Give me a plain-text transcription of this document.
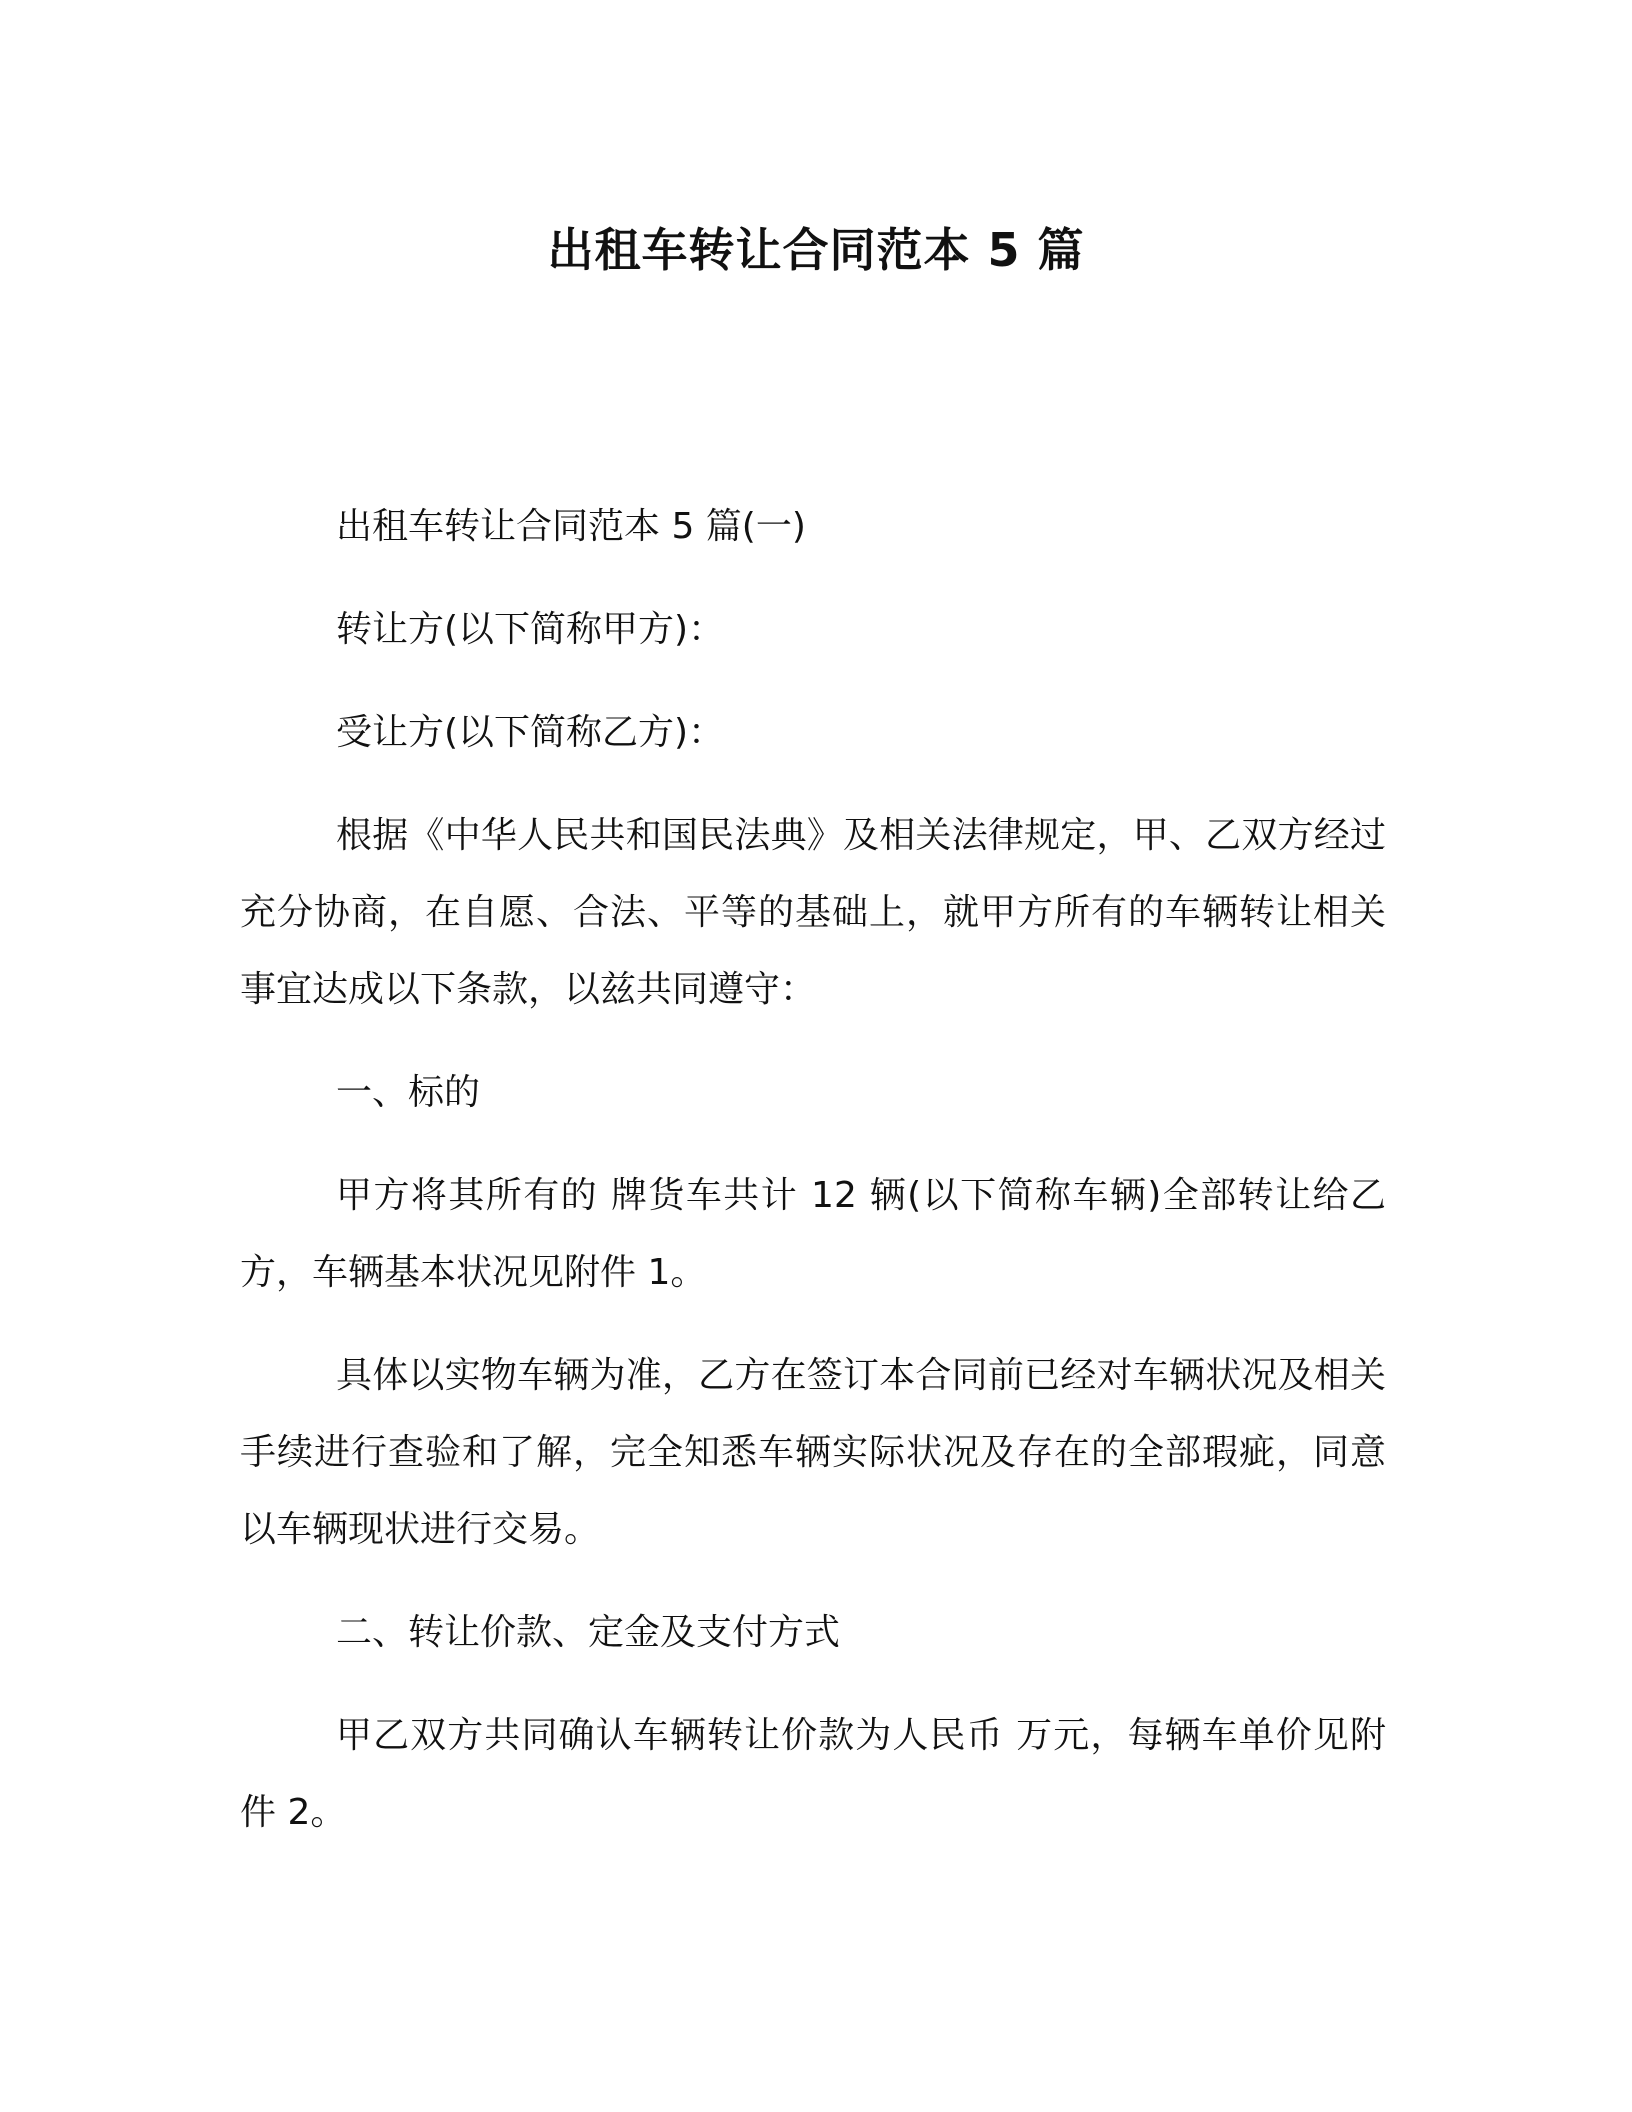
出租车转让合同范本 5 篇

出租车转让合同范本 5 篇(一)

转让方(以下简称甲方)：

受让方(以下简称乙方)：

根据《中华人民共和国民法典》及相关法律规定，甲、乙双方经过充分协商，在自愿、合法、平等的基础上，就甲方所有的车辆转让相关事宜达成以下条款，以兹共同遵守：

一、标的

甲方将其所有的 牌货车共计 12 辆(以下简称车辆)全部转让给乙方，车辆基本状况见附件 1。

具体以实物车辆为准，乙方在签订本合同前已经对车辆状况及相关手续进行查验和了解，完全知悉车辆实际状况及存在的全部瑕疵，同意以车辆现状进行交易。

二、转让价款、定金及支付方式

甲乙双方共同确认车辆转让价款为人民币 万元，每辆车单价见附件 2。
